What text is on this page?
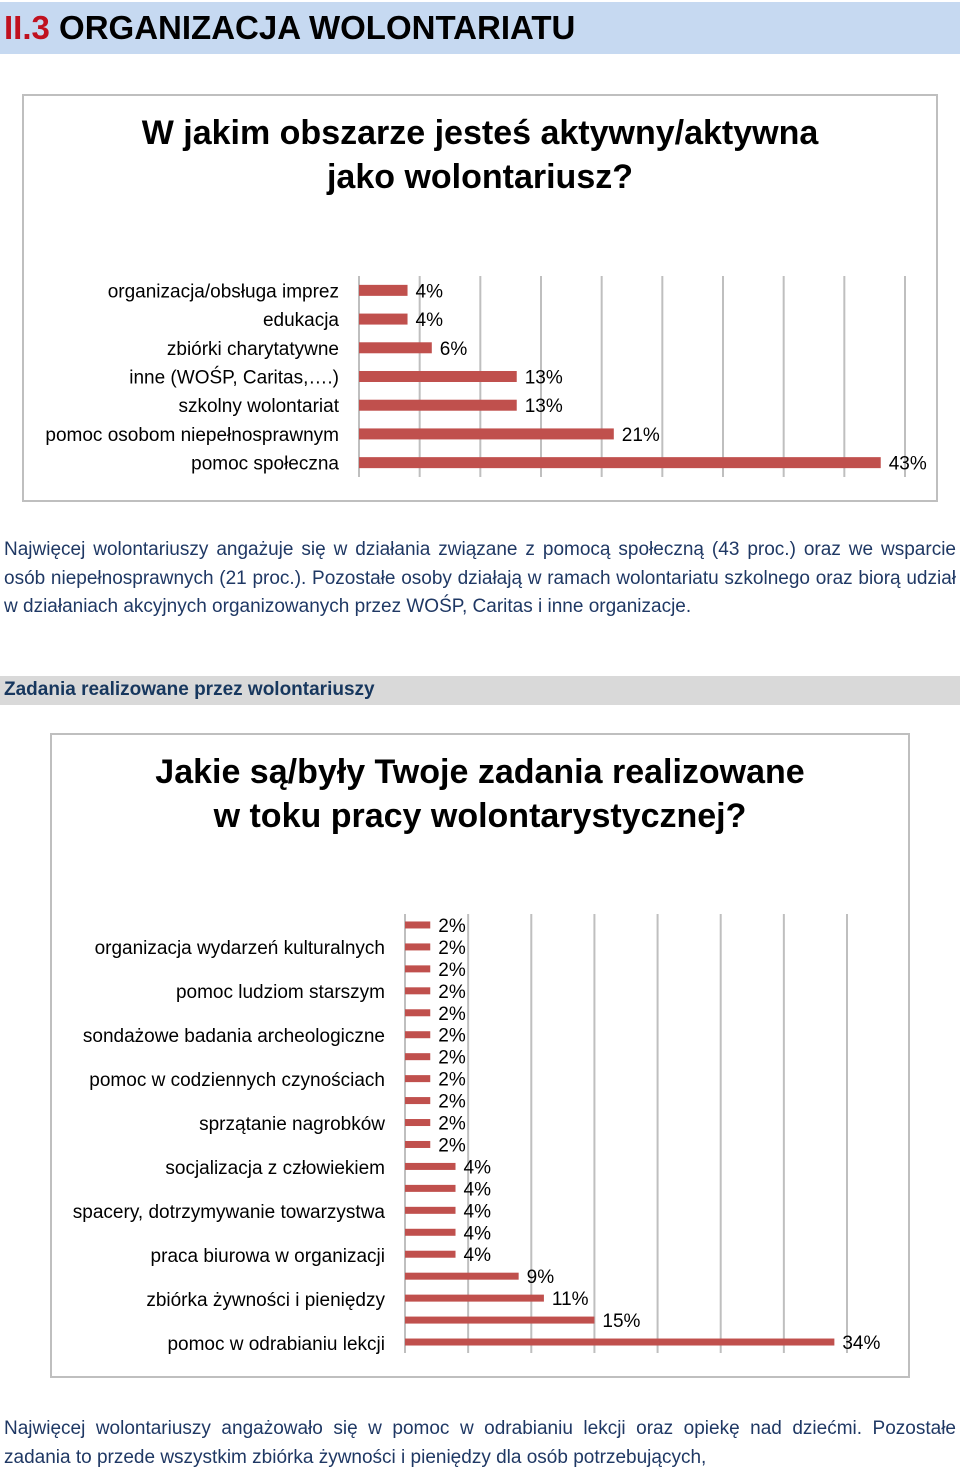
II.3 ORGANIZACJA WOLONTARIATU
W jakim obszarze jesteś aktywny/aktywna
jako wolontariusz?
4%
4%
6%
13%
13%
21%
43%
organizacja/obsługa imprez
edukacja
zbiórki charytatywne
inne (WOŚP, Caritas,….)
szkolny wolontariat
pomoc osobom niepełnosprawnym
pomoc społeczna
Najwięcej wolontariuszy angażuje się w działania związane z pomocą społeczną (43 proc.) oraz we wsparcie osób niepełnosprawnych (21 proc.). Pozostałe osoby działają w ramach wolontariatu szkolnego oraz biorą udział w działaniach akcyjnych organizowanych przez WOŚP, Caritas i inne organizacje.
Zadania realizowane przez wolontariuszy
Jakie są/były Twoje zadania realizowane
w toku pracy wolontarystycznej?
2%
2%
2%
2%
2%
2%
2%
2%
2%
2%
2%
4%
4%
4%
4%
4%
9%
11%
15%
34%
organizacja wydarzeń kulturalnych
pomoc ludziom starszym
sondażowe badania archeologiczne
pomoc w codziennych czynościach
sprzątanie nagrobków
socjalizacja z człowiekiem
spacery, dotrzymywanie towarzystwa
praca biurowa w organizacji
zbiórka żywności i pieniędzy
pomoc w odrabianiu lekcji
Najwięcej wolontariuszy angażowało się w pomoc w odrabianiu lekcji oraz opiekę nad dziećmi. Pozostałe zadania to przede wszystkim zbiórka żywności i pieniędzy dla osób potrzebujących,
